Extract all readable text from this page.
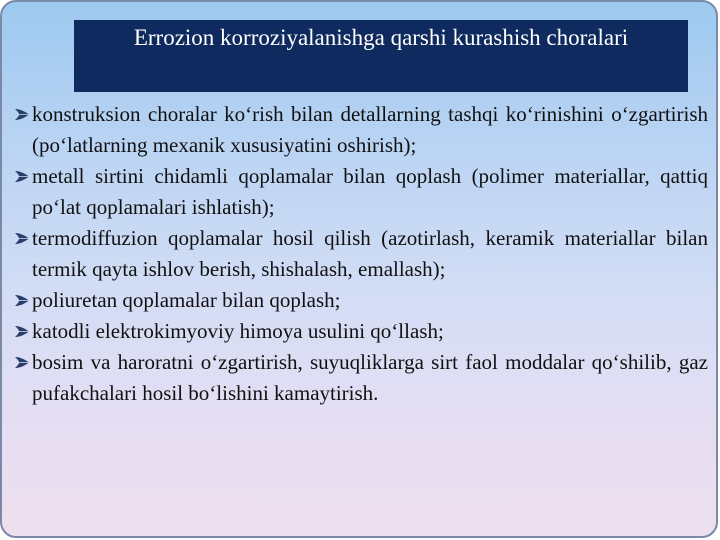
Errozion korroziyalanishga qarshi kurashish choralari
konstruksion choralar ko‘rish bilan detallarning tashqi ko‘rinishini o‘zgartirish (po‘latlarning mexanik xususiyatini oshirish);
metall sirtini chidamli qoplamalar bilan qoplash (polimer materiallar, qattiq po‘lat qoplamalari ishlatish);
termodiffuzion qoplamalar hosil qilish (azotirlash, keramik materiallar bilan termik qayta ishlov berish, shishalash, emallash);
poliuretan qoplamalar bilan qoplash;
katodli elektrokimyoviy himoya usulini qo‘llash;
bosim va haroratni o‘zgartirish, suyuqliklarga sirt faol moddalar qo‘shilib, gaz pufakchalari hosil bo‘lishini kamaytirish.
